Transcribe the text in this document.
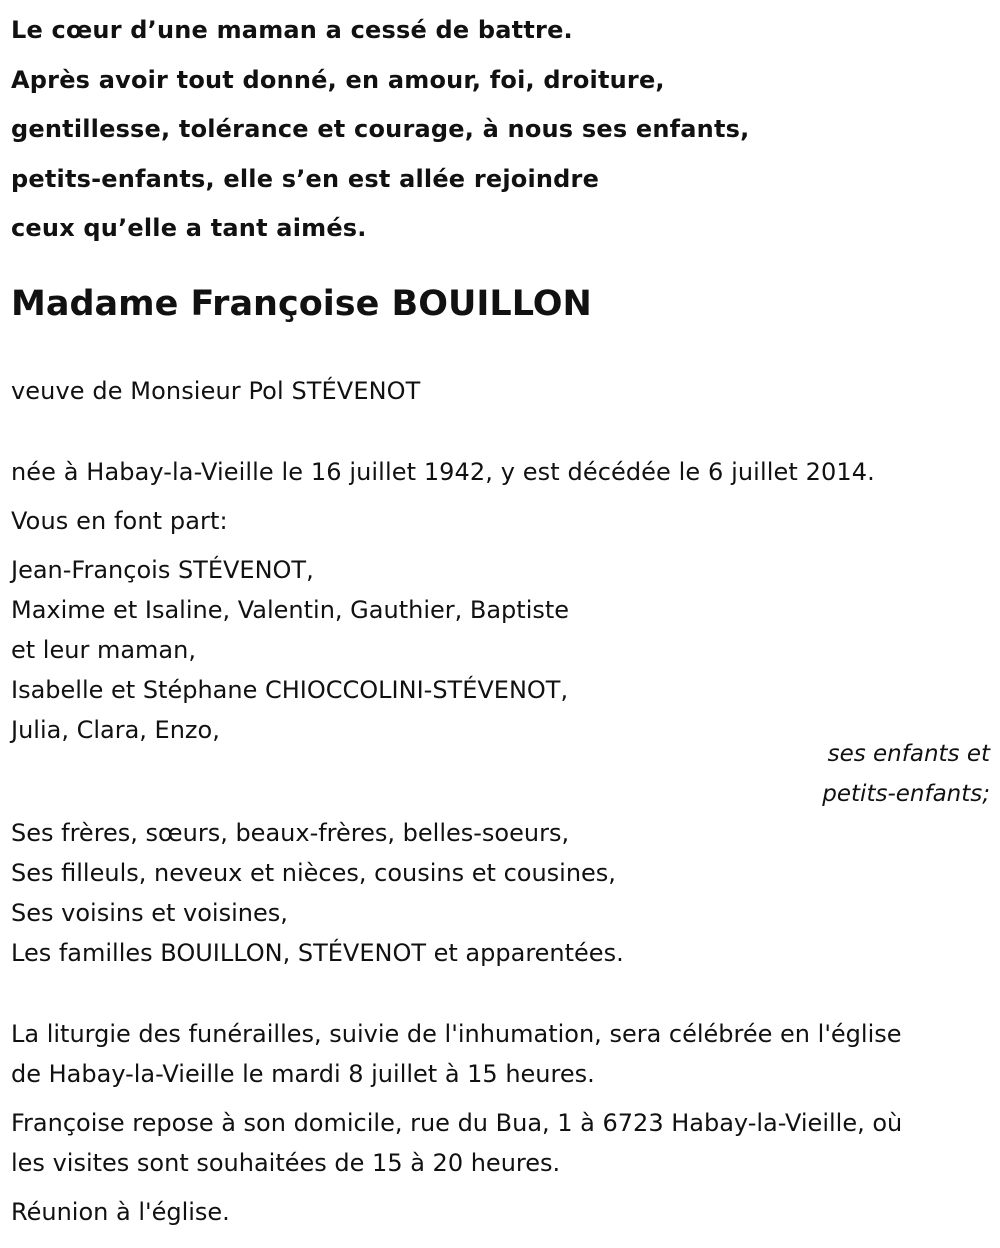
Le cœur d’une maman a cessé de battre.
Après avoir tout donné, en amour, foi, droiture,
gentillesse, tolérance et courage, à nous ses enfants,
petits-enfants, elle s’en est allée rejoindre
ceux qu’elle a tant aimés.
Madame Françoise BOUILLON
veuve de Monsieur Pol STÉVENOT
née à Habay-la-Vieille le 16 juillet 1942, y est décédée le 6 juillet 2014.
Vous en font part:
Jean-François STÉVENOT,
Maxime et Isaline, Valentin, Gauthier, Baptiste
et leur maman,
Isabelle et Stéphane CHIOCCOLINI-STÉVENOT,
Julia, Clara, Enzo,
ses enfants et
petits-enfants;
Ses frères, sœurs, beaux-frères, belles-soeurs,
Ses filleuls, neveux et nièces, cousins et cousines,
Ses voisins et voisines,
Les familles BOUILLON, STÉVENOT et apparentées.
La liturgie des funérailles, suivie de l'inhumation, sera célébrée en l'église
de Habay-la-Vieille le mardi 8 juillet à 15 heures.
Françoise repose à son domicile, rue du Bua, 1 à 6723 Habay-la-Vieille, où
les visites sont souhaitées de 15 à 20 heures.
Réunion à l'église.
